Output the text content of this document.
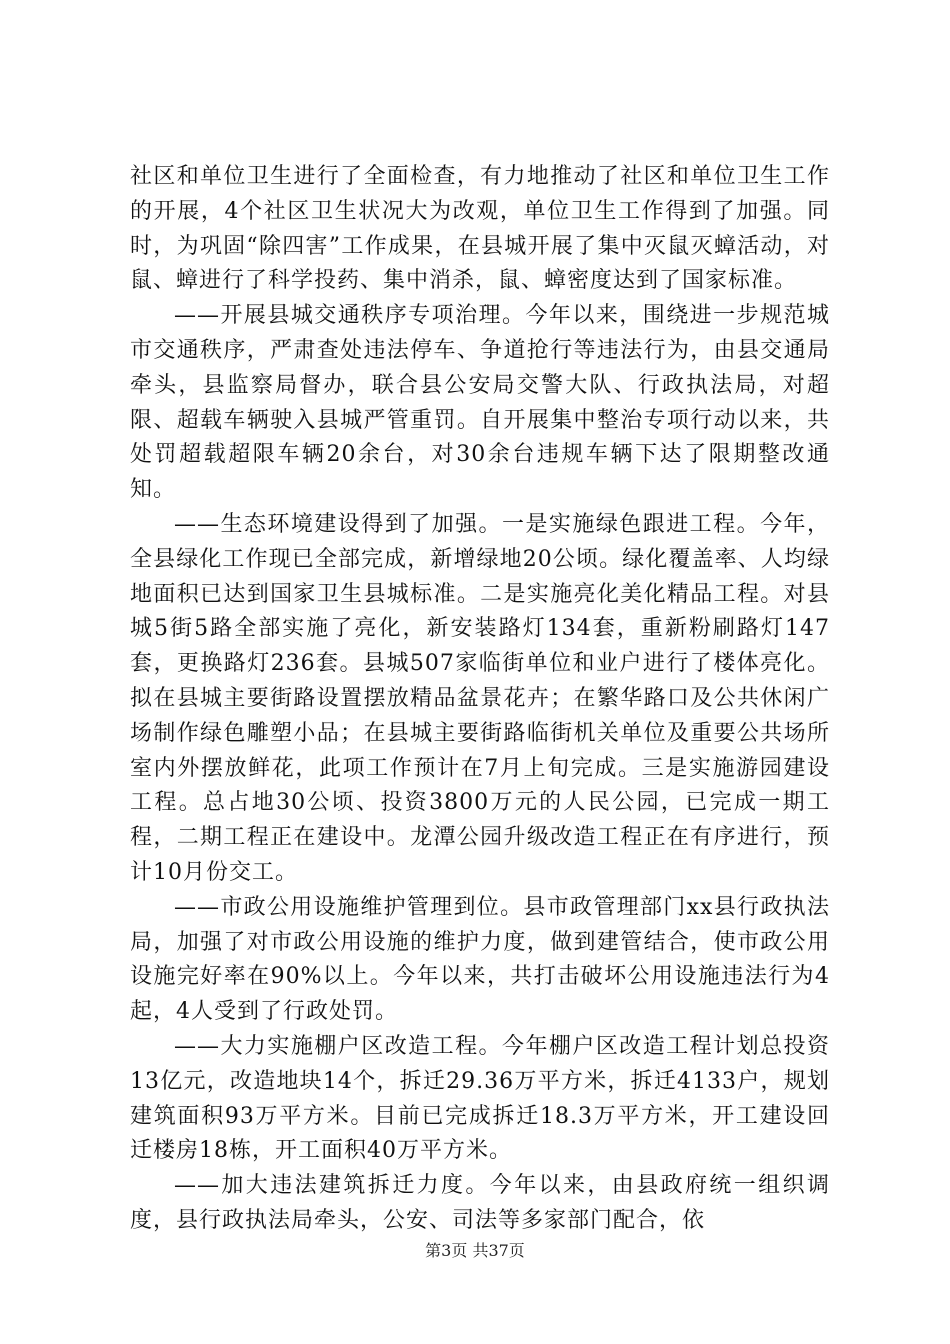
社区和单位卫生进行了全面检查，有力地推动了社区和单位卫生工作的开展，4个社区卫生状况大为改观，单位卫生工作得到了加强。同时，为巩固“除四害”工作成果，在县城开展了集中灭鼠灭蟑活动，对鼠、蟑进行了科学投药、集中消杀，鼠、蟑密度达到了国家标准。

——开展县城交通秩序专项治理。今年以来，围绕进一步规范城市交通秩序，严肃查处违法停车、争道抢行等违法行为，由县交通局牵头，县监察局督办，联合县公安局交警大队、行政执法局，对超限、超载车辆驶入县城严管重罚。自开展集中整治专项行动以来，共处罚超载超限车辆20余台，对30余台违规车辆下达了限期整改通知。

——生态环境建设得到了加强。一是实施绿色跟进工程。今年，全县绿化工作现已全部完成，新增绿地20公顷。绿化覆盖率、人均绿地面积已达到国家卫生县城标准。二是实施亮化美化精品工程。对县城5街5路全部实施了亮化，新安装路灯134套，重新粉刷路灯147套，更换路灯236套。县城507家临街单位和业户进行了楼体亮化。拟在县城主要街路设置摆放精品盆景花卉；在繁华路口及公共休闲广场制作绿色雕塑小品；在县城主要街路临街机关单位及重要公共场所室内外摆放鲜花，此项工作预计在7月上旬完成。三是实施游园建设工程。总占地30公顷、投资3800万元的人民公园，已完成一期工程，二期工程正在建设中。龙潭公园升级改造工程正在有序进行，预计10月份交工。

——市政公用设施维护管理到位。县市政管理部门xx县行政执法局，加强了对市政公用设施的维护力度，做到建管结合，使市政公用设施完好率在90%以上。今年以来，共打击破坏公用设施违法行为4起，4人受到了行政处罚。

——大力实施棚户区改造工程。今年棚户区改造工程计划总投资13亿元，改造地块14个，拆迁29.36万平方米，拆迁4133户，规划建筑面积93万平方米。目前已完成拆迁18.3万平方米，开工建设回迁楼房18栋，开工面积40万平方米。

——加大违法建筑拆迁力度。今年以来，由县政府统一组织调度，县行政执法局牵头，公安、司法等多家部门配合，依

第3页 共37页
